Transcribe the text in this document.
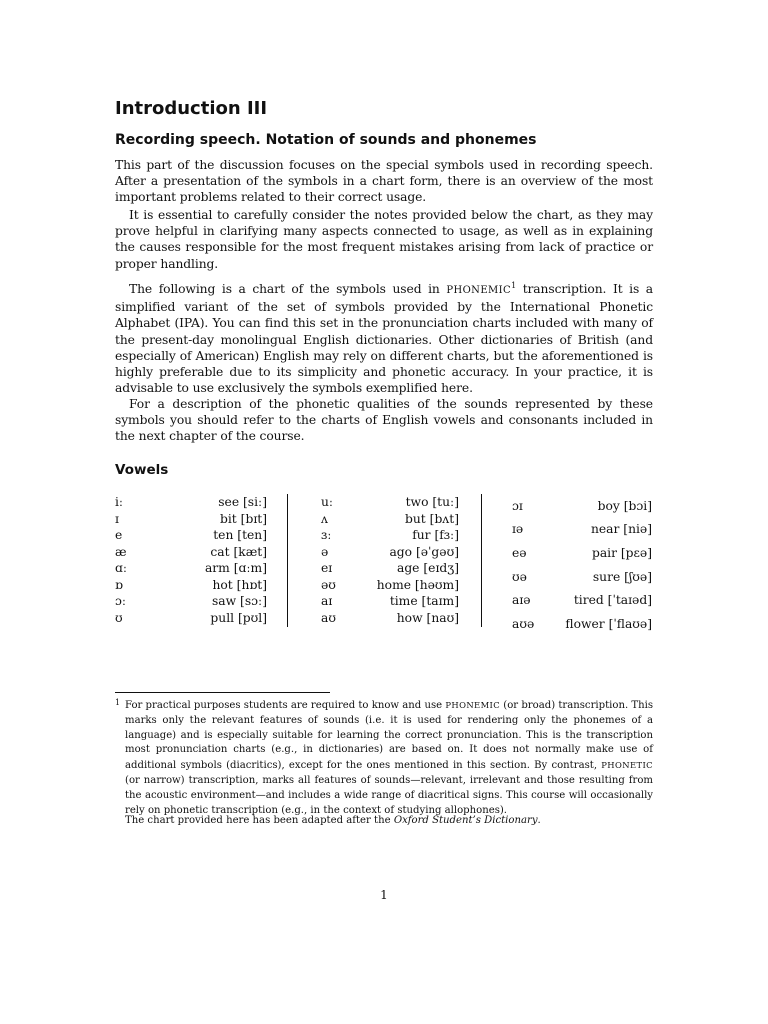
Introduction III
Recording speech. Notation of sounds and phonemes

This part of the discussion focuses on the special symbols used in recording speech. After a presentation of the symbols in a chart form, there is an overview of the most important problems related to their correct usage.

It is essential to carefully consider the notes provided below the chart, as they may prove helpful in clarifying many aspects connected to usage, as well as in explaining the causes responsible for the most frequent mistakes arising from lack of practice or proper handling.

The following is a chart of the symbols used in PHONEMIC$^1$ transcription. It is a simplified variant of the set of symbols provided by the International Phonetic Alphabet (IPA). You can find this set in the pronunciation charts included with many of the present-day monolingual English dictionaries. Other dictionaries of British (and especially of American) English may rely on different charts, but the aforementioned is highly preferable due to its simplicity and phonetic accuracy. In your practice, it is advisable to use exclusively the symbols exemplified here.

For a description of the phonetic qualities of the sounds represented by these symbols you should refer to the charts of English vowels and consonants included in the next chapter of the course.

Vowels
iː	see [siː]
ɪ	bit [bɪt]
e	ten [ten]
æ	cat [kæt]
ɑː	arm [ɑːm]
ɒ	hot [hɒt]
ɔː	saw [sɔː]
ʊ	pull [pʊl]
uː	two [tuː]
ʌ	but [bʌt]
ɜː	fur [fɜː]
ə	ago [əˈgəʊ]
eɪ	age [eɪdʒ]
əʊ	home [həʊm]
aɪ	time [taɪm]
aʊ	how [naʊ]
ɔɪ	boy [bɔi]
ɪə	near [niə]
eə	pair [pɛə]
ʊə	sure [ʃʊə]
aɪə	tired [ˈtaɪəd]
aʊə	flower [ˈflaʊə]

1 For practical purposes students are required to know and use PHONEMIC (or broad) transcription. This marks only the relevant features of sounds (i.e. it is used for rendering only the phonemes of a language) and is especially suitable for learning the correct pronunciation. This is the transcription most pronunciation charts (e.g., in dictionaries) are based on. It does not normally make use of additional symbols (diacritics), except for the ones mentioned in this section. By contrast, PHONETIC (or narrow) transcription, marks all features of sounds—relevant, irrelevant and those resulting from the acoustic environment—and includes a wide range of diacritical signs. This course will occasionally rely on phonetic transcription (e.g., in the context of studying allophones).

The chart provided here has been adapted after the Oxford Student’s Dictionary.

1
